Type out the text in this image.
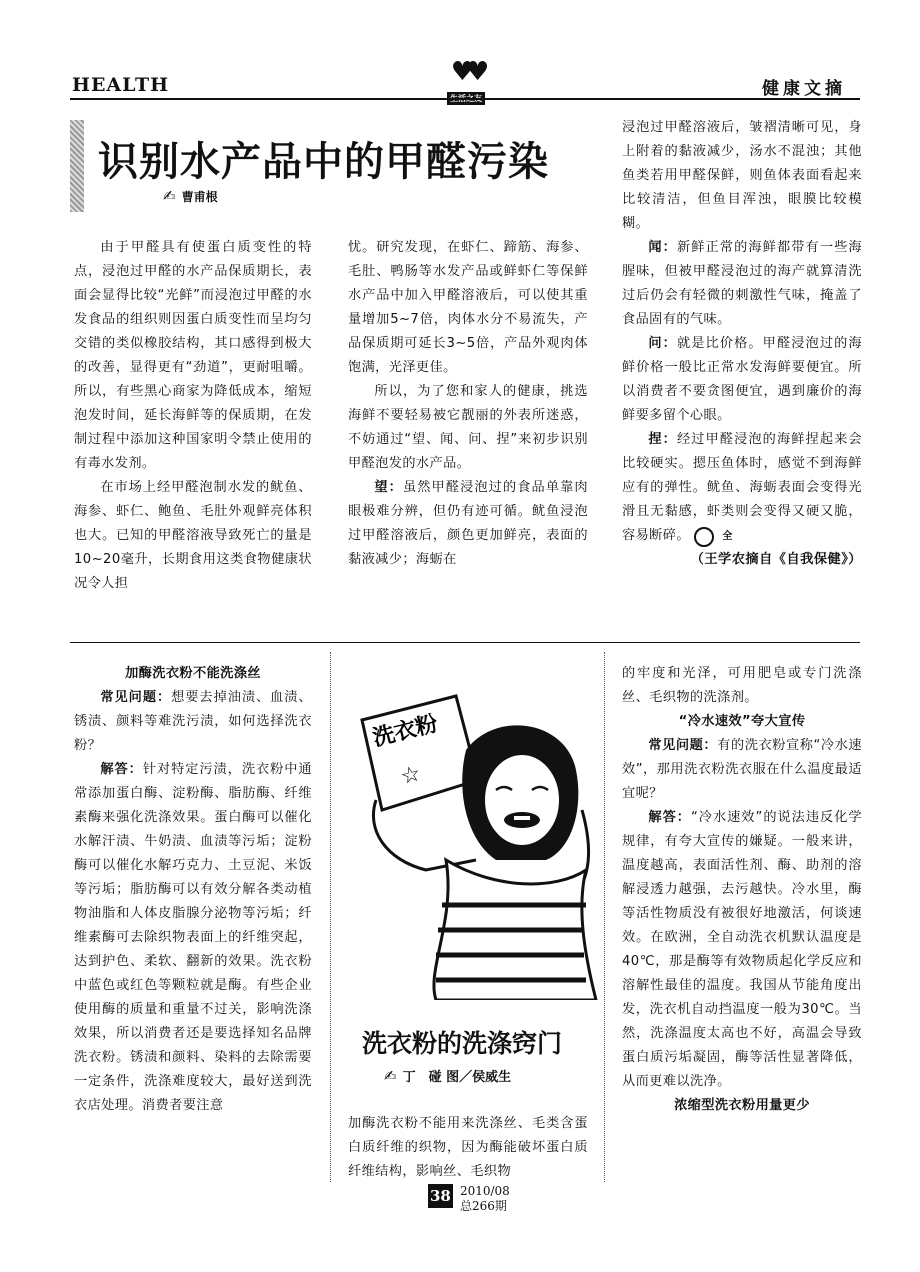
HEALTH	♥♥
生活之友	健康文摘
识别水产品中的甲醛污染
✍ 曹甫根

由于甲醛具有使蛋白质变性的特点，浸泡过甲醛的水产品保质期长，表面会显得比较“光鲜”而浸泡过甲醛的水发食品的组织则因蛋白质变性而呈均匀交错的类似橡胶结构，其口感得到极大的改善，显得更有“劲道”，更耐咀嚼。所以，有些黑心商家为降低成本，缩短泡发时间，延长海鲜等的保质期，在发制过程中添加这种国家明令禁止使用的有毒水发剂。

在市场上经甲醛泡制水发的鱿鱼、海参、虾仁、鲍鱼、毛肚外观鲜亮体积也大。已知的甲醛溶液导致死亡的量是10~20毫升，长期食用这类食物健康状况令人担

忧。研究发现，在虾仁、蹄筋、海参、毛肚、鸭肠等水发产品或鲜虾仁等保鲜水产品中加入甲醛溶液后，可以使其重量增加5~7倍，肉体水分不易流失，产品保质期可延长3~5倍，产品外观肉体饱满，光泽更佳。

所以，为了您和家人的健康，挑选海鲜不要轻易被它靓丽的外表所迷惑，不妨通过“望、闻、问、捏”来初步识别甲醛泡发的水产品。

望：虽然甲醛浸泡过的食品单靠肉眼极难分辨，但仍有迹可循。鱿鱼浸泡过甲醛溶液后，颜色更加鲜亮，表面的黏液减少；海蛎在

浸泡过甲醛溶液后，皱褶清晰可见，身上附着的黏液减少，汤水不混浊；其他鱼类若用甲醛保鲜，则鱼体表面看起来比较清洁，但鱼目浑浊，眼膜比较模糊。

闻：新鲜正常的海鲜都带有一些海腥味，但被甲醛浸泡过的海产就算清洗过后仍会有轻微的刺激性气味，掩盖了食品固有的气味。

问：就是比价格。甲醛浸泡过的海鲜价格一般比正常水发海鲜要便宜。所以消费者不要贪图便宜，遇到廉价的海鲜要多留个心眼。

捏：经过甲醛浸泡的海鲜捏起来会比较硬实。摁压鱼体时，感觉不到海鲜应有的弹性。鱿鱼、海蛎表面会变得光滑且无黏感，虾类则会变得又硬又脆，容易断碎。	全

（王学农摘自《自我保健》）

加酶洗衣粉不能洗涤丝

常见问题：想要去掉油渍、血渍、锈渍、颜料等难洗污渍，如何选择洗衣粉？

解答：针对特定污渍，洗衣粉中通常添加蛋白酶、淀粉酶、脂肪酶、纤维素酶来强化洗涤效果。蛋白酶可以催化水解汗渍、牛奶渍、血渍等污垢；淀粉酶可以催化水解巧克力、土豆泥、米饭等污垢；脂肪酶可以有效分解各类动植物油脂和人体皮脂腺分泌物等污垢；纤维素酶可去除织物表面上的纤维突起，达到护色、柔软、翻新的效果。洗衣粉中蓝色或红色等颗粒就是酶。有些企业使用酶的质量和重量不过关，影响洗涤效果，所以消费者还是要选择知名品牌洗衣粉。锈渍和颜料、染料的去除需要一定条件，洗涤难度较大，最好送到洗衣店处理。消费者要注意

洗衣粉
☆
洗衣粉的洗涤窍门
✍ 丁　碰 图／侯威生

加酶洗衣粉不能用来洗涤丝、毛类含蛋白质纤维的织物，因为酶能破坏蛋白质纤维结构，影响丝、毛织物

的牢度和光泽，可用肥皂或专门洗涤丝、毛织物的洗涤剂。

“冷水速效”夸大宣传

常见问题：有的洗衣粉宣称“冷水速效”，那用洗衣粉洗衣服在什么温度最适宜呢？

解答：“冷水速效”的说法违反化学规律，有夸大宣传的嫌疑。一般来讲，温度越高，表面活性剂、酶、助剂的溶解浸透力越强，去污越快。冷水里，酶等活性物质没有被很好地激活，何谈速效。在欧洲，全自动洗衣机默认温度是40℃，那是酶等有效物质起化学反应和溶解性最佳的温度。我国从节能角度出发，洗衣机自动挡温度一般为30℃。当然，洗涤温度太高也不好，高温会导致蛋白质污垢凝固，酶等活性显著降低，从而更难以洗净。

浓缩型洗衣粉用量更少

38 2010/08
总266期
